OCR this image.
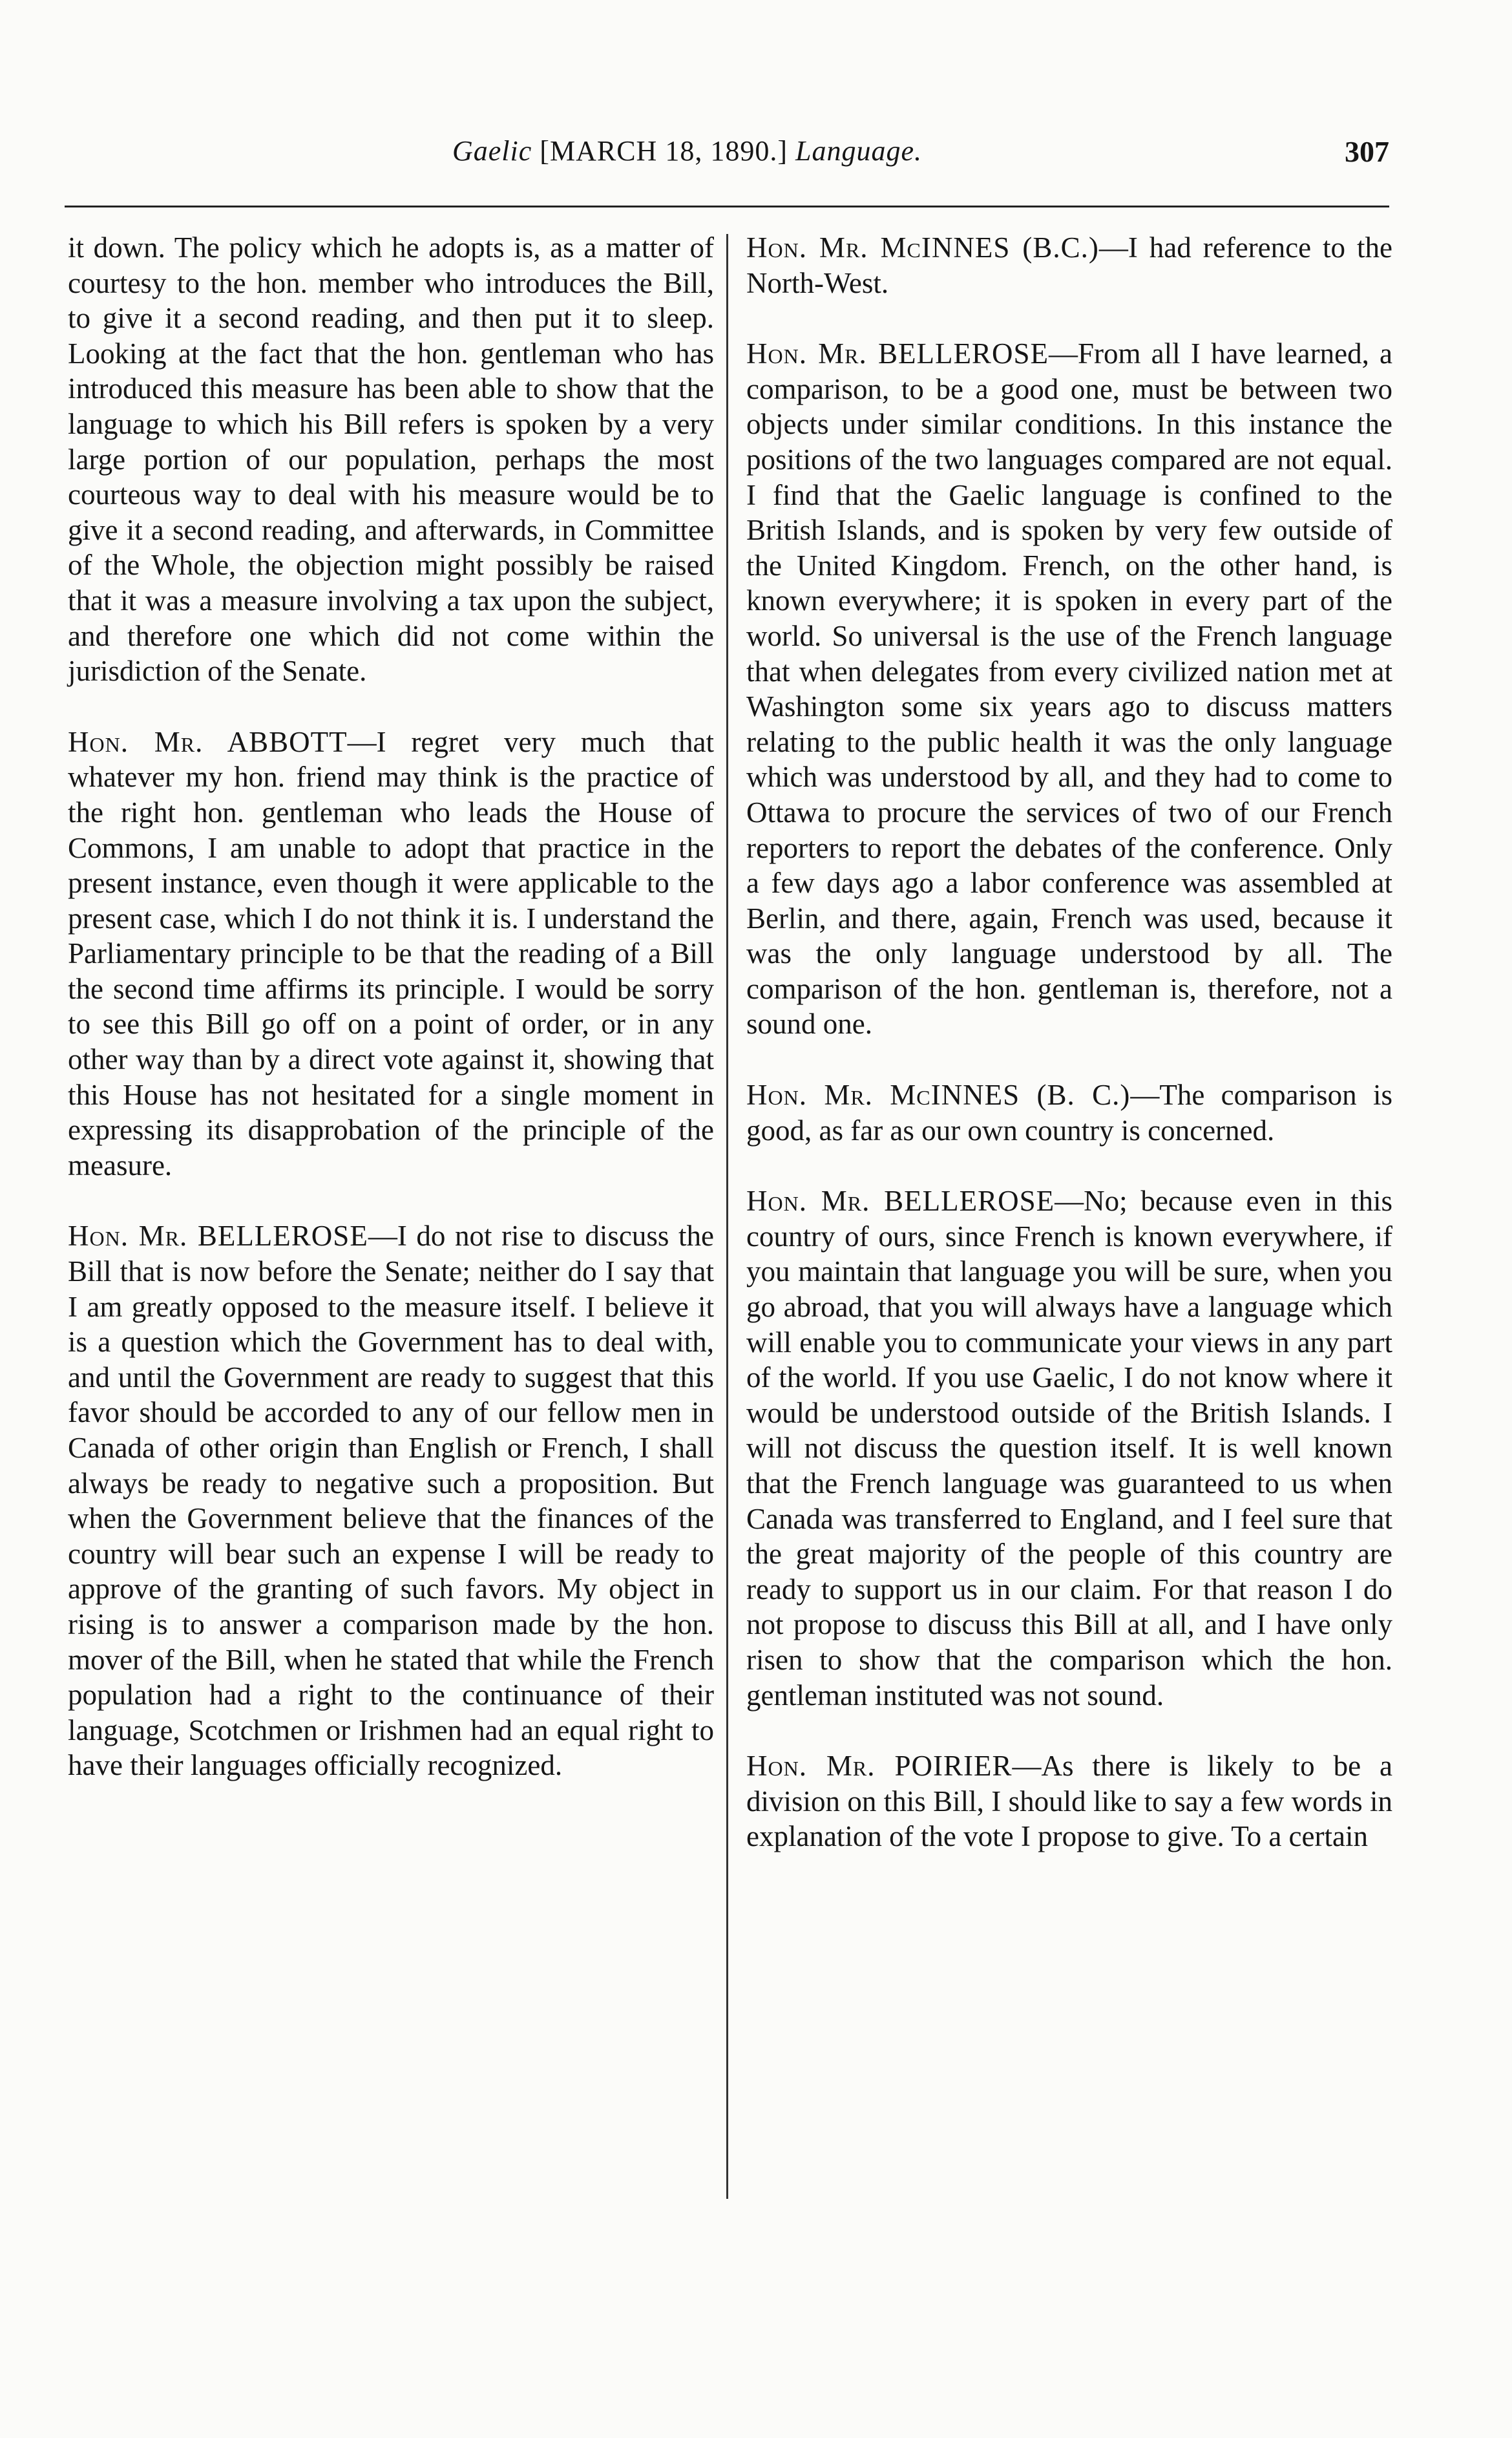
Gaelic [MARCH 18, 1890.] Language.	307

it down. The policy which he adopts is, as a matter of courtesy to the hon. member who introduces the Bill, to give it a second reading, and then put it to sleep. Looking at the fact that the hon. gentleman who has introduced this measure has been able to show that the language to which his Bill refers is spoken by a very large portion of our population, perhaps the most courteous way to deal with his measure would be to give it a second reading, and afterwards, in Committee of the Whole, the objection might possibly be raised that it was a measure involving a tax upon the subject, and therefore one which did not come within the jurisdiction of the Senate.

Hon. Mr. ABBOTT—I regret very much that whatever my hon. friend may think is the practice of the right hon. gentleman who leads the House of Commons, I am unable to adopt that practice in the present instance, even though it were applicable to the present case, which I do not think it is. I understand the Parliamentary principle to be that the reading of a Bill the second time affirms its principle. I would be sorry to see this Bill go off on a point of order, or in any other way than by a direct vote against it, showing that this House has not hesitated for a single moment in expressing its disapprobation of the principle of the measure.

Hon. Mr. BELLEROSE—I do not rise to discuss the Bill that is now before the Senate; neither do I say that I am greatly opposed to the measure itself. I believe it is a question which the Government has to deal with, and until the Government are ready to suggest that this favor should be accorded to any of our fellow men in Canada of other origin than English or French, I shall always be ready to negative such a proposition. But when the Government believe that the finances of the country will bear such an expense I will be ready to approve of the granting of such favors. My object in rising is to answer a comparison made by the hon. mover of the Bill, when he stated that while the French population had a right to the continuance of their language, Scotchmen or Irishmen had an equal right to have their languages officially recognized.

Hon. Mr. McINNES (B.C.)—I had reference to the North-West.

Hon. Mr. BELLEROSE—From all I have learned, a comparison, to be a good one, must be between two objects under similar conditions. In this instance the positions of the two languages compared are not equal. I find that the Gaelic language is confined to the British Islands, and is spoken by very few outside of the United Kingdom. French, on the other hand, is known everywhere; it is spoken in every part of the world. So universal is the use of the French language that when delegates from every civilized nation met at Washington some six years ago to discuss matters relating to the public health it was the only language which was understood by all, and they had to come to Ottawa to procure the services of two of our French reporters to report the debates of the conference. Only a few days ago a labor conference was assembled at Berlin, and there, again, French was used, because it was the only language understood by all. The comparison of the hon. gentleman is, therefore, not a sound one.

Hon. Mr. McINNES (B. C.)—The comparison is good, as far as our own country is concerned.

Hon. Mr. BELLEROSE—No; because even in this country of ours, since French is known everywhere, if you maintain that language you will be sure, when you go abroad, that you will always have a language which will enable you to communicate your views in any part of the world. If you use Gaelic, I do not know where it would be understood outside of the British Islands. I will not discuss the question itself. It is well known that the French language was guaranteed to us when Canada was transferred to England, and I feel sure that the great majority of the people of this country are ready to support us in our claim. For that reason I do not propose to discuss this Bill at all, and I have only risen to show that the comparison which the hon. gentleman instituted was not sound.

Hon. Mr. POIRIER—As there is likely to be a division on this Bill, I should like to say a few words in explanation of the vote I propose to give. To a certain
